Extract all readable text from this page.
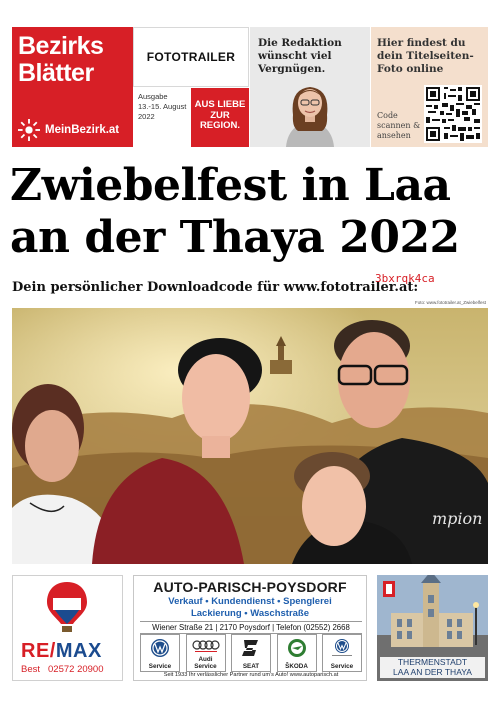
Bezirks
Blätter
MeinBezirk.at
FOTOTRAILER
Ausgabe
13.-15. August 2022
AUS LIEBE ZUR REGION.
Die Redaktion wünscht viel Vergnügen.
Hier findest du dein Titelseiten-Foto online
Code scannen & ansehen
Zwiebelfest in Laa an der Thaya 2022
Dein persönlicher Downloadcode für www.fototrailer.at:
3bxrqk4ca
Foto: www.fototrailer.at_Zwiebelfest
mpion
RE/MAX
Best 02572 20900
AUTO-PARISCH-POYSDORF
Verkauf • Kundendienst • Spenglerei
Lackierung • Waschstraße
Wiener Straße 21 | 2170 Poysdorf | Telefon (02552) 2668
Service
Audi Service	SEAT	ŠKODA	Service
Seit 1933 Ihr verlässlicher Partner rund um's Auto! www.autoparisch.at
THERMENSTADT
LAA AN DER THAYA
